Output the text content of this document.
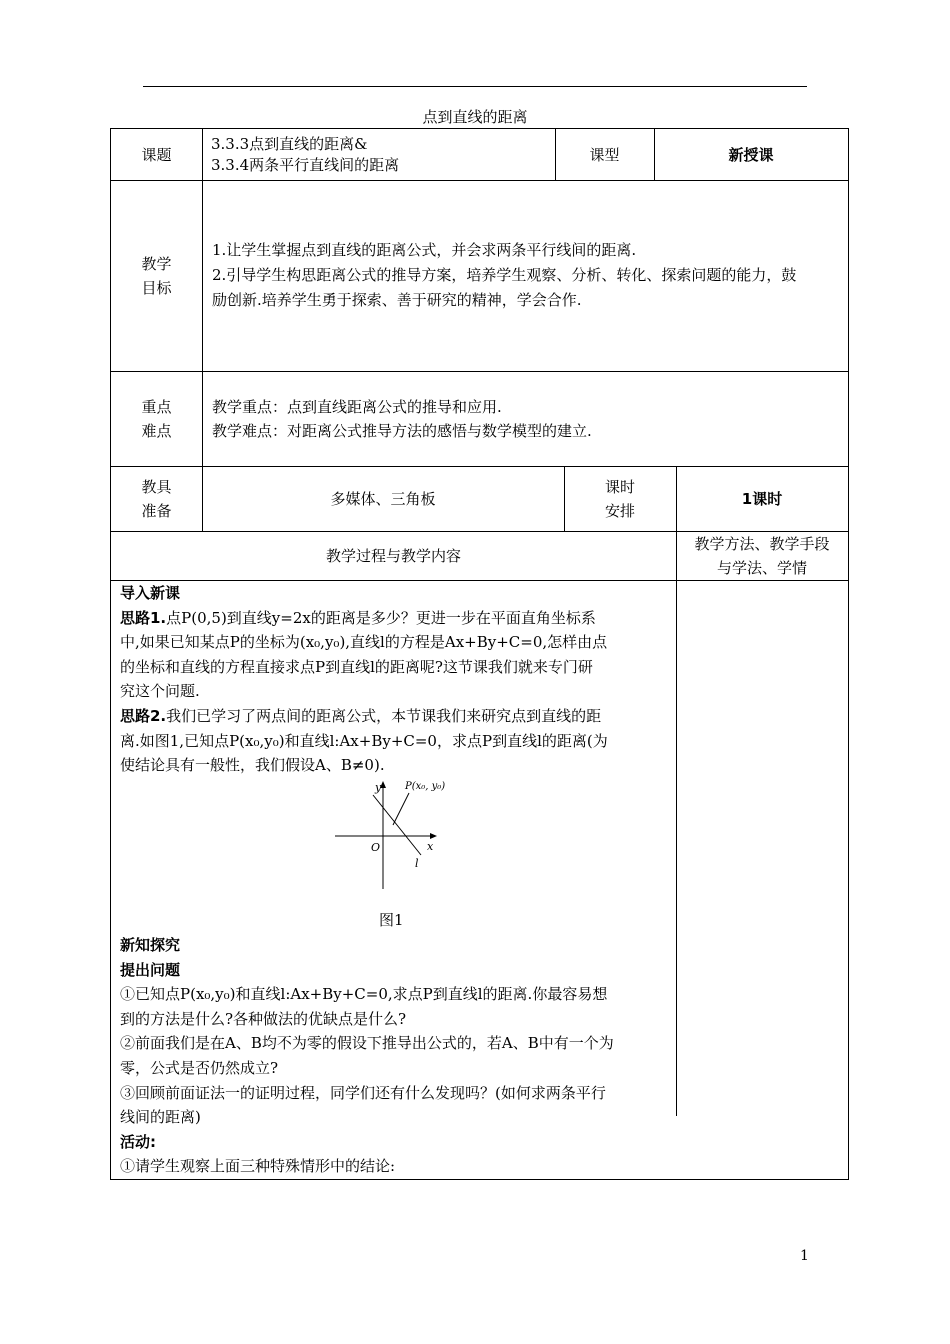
点到直线的距离
课题
3.3.3点到直线的距离&
3.3.4两条平行直线间的距离
课型	新授课
教学
目标
1.让学生掌握点到直线的距离公式，并会求两条平行线间的距离.
2.引导学生构思距离公式的推导方案，培养学生观察、分析、转化、探索问题的能力，鼓
励创新.培养学生勇于探索、善于研究的精神，学会合作.
重点
难点
教学重点：点到直线距离公式的推导和应用.
教学难点：对距离公式推导方法的感悟与数学模型的建立.
教具
准备
多媒体、三角板
课时
安排
1课时
教学过程与教学内容
教学方法、教学手段
与学法、学情
导入新课
思路1.点P(0,5)到直线y=2x的距离是多少？更进一步在平面直角坐标系
中,如果已知某点P的坐标为(x₀,y₀),直线l的方程是Ax+By+C=0,怎样由点
的坐标和直线的方程直接求点P到直线l的距离呢?这节课我们就来专门研
究这个问题.
思路2.我们已学习了两点间的距离公式，本节课我们来研究点到直线的距
离.如图1,已知点P(x₀,y₀)和直线l:Ax+By+C=0，求点P到直线l的距离(为
使结论具有一般性，我们假设A、B≠0).
y
x
O
l
P(x₀, y₀)
图1
新知探究
提出问题
①已知点P(x₀,y₀)和直线l:Ax+By+C=0,求点P到直线l的距离.你最容易想
到的方法是什么?各种做法的优缺点是什么?
②前面我们是在A、B均不为零的假设下推导出公式的，若A、B中有一个为
零，公式是否仍然成立?
③回顾前面证法一的证明过程，同学们还有什么发现吗？(如何求两条平行
线间的距离)
活动:
①请学生观察上面三种特殊情形中的结论:
1
